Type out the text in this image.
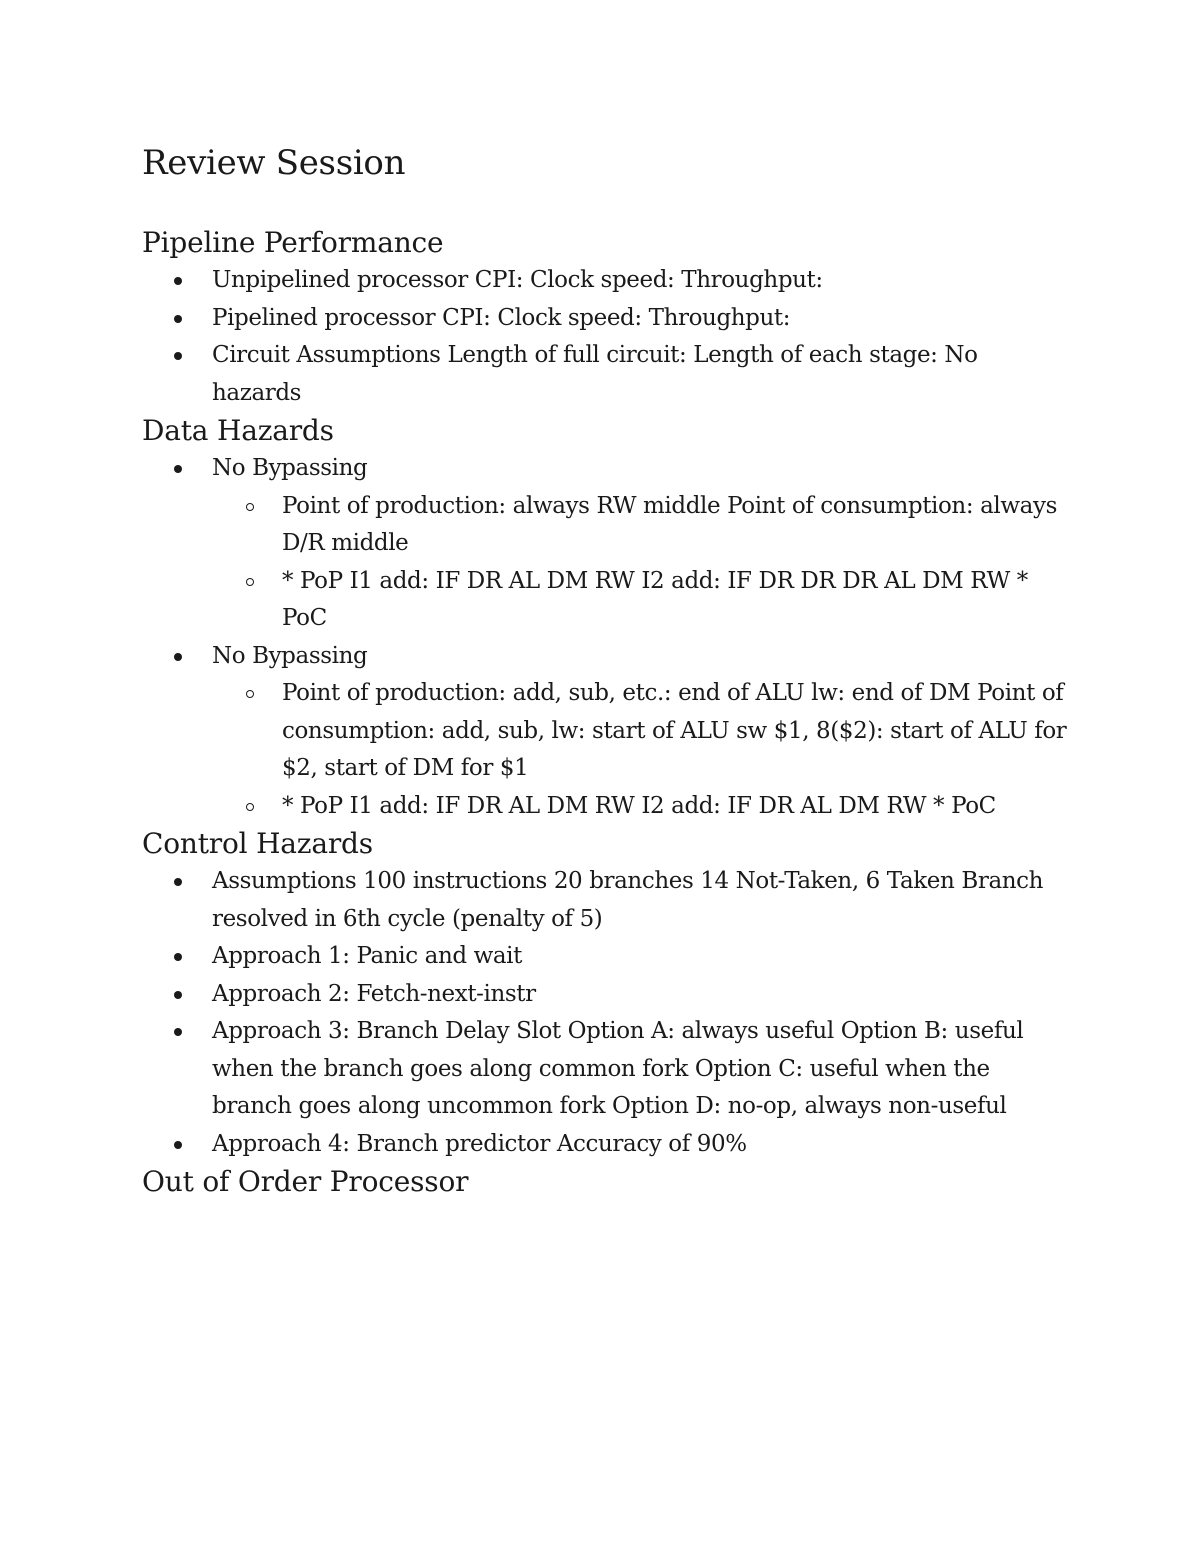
Review Session
Pipeline Performance
Unpipelined processor CPI: Clock speed: Throughput:
Pipelined processor CPI: Clock speed: Throughput:
Circuit Assumptions Length of full circuit: Length of each stage: No hazards
Data Hazards
No Bypassing
Point of production: always RW middle Point of consumption: always D/R middle
* PoP I1 add: IF DR AL DM RW I2 add: IF DR DR DR AL DM RW * PoC
No Bypassing
Point of production: add, sub, etc.: end of ALU lw: end of DM Point of consumption: add, sub, lw: start of ALU sw $1, 8($2): start of ALU for $2, start of DM for $1
* PoP I1 add: IF DR AL DM RW I2 add: IF DR AL DM RW * PoC
Control Hazards
Assumptions 100 instructions 20 branches 14 Not-Taken, 6 Taken Branch resolved in 6th cycle (penalty of 5)
Approach 1: Panic and wait
Approach 2: Fetch-next-instr
Approach 3: Branch Delay Slot Option A: always useful Option B: useful when the branch goes along common fork Option C: useful when the branch goes along uncommon fork Option D: no-op, always non-useful
Approach 4: Branch predictor Accuracy of 90%
Out of Order Processor
